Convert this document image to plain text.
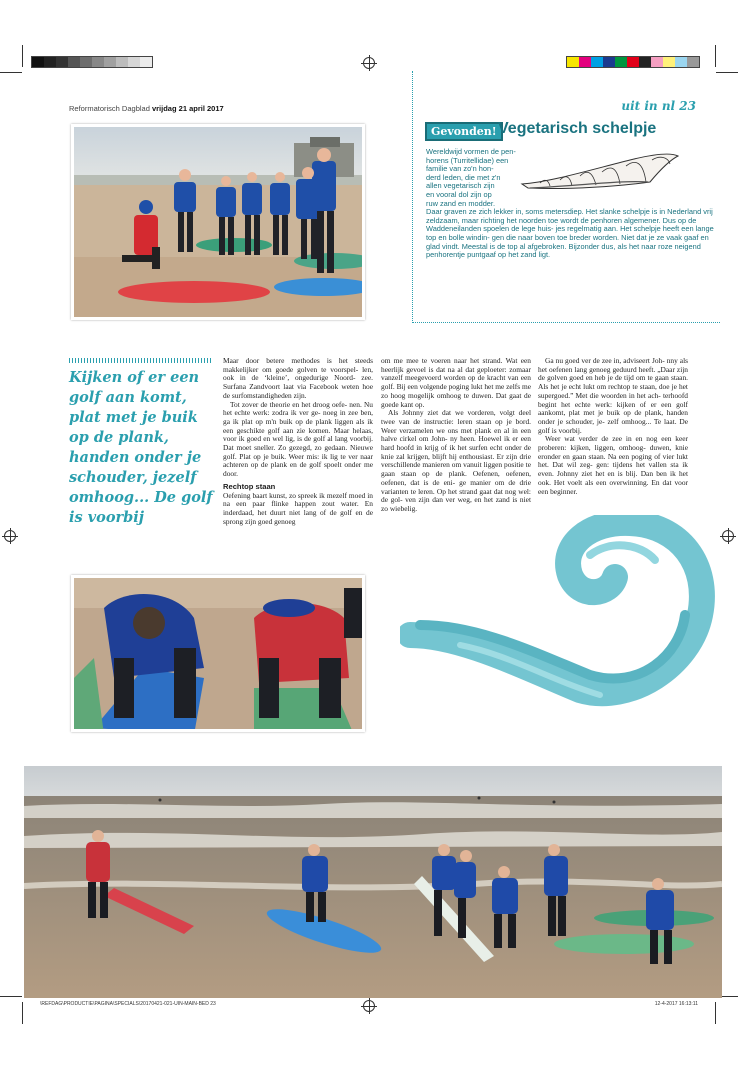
Reformatorisch Dagblad vrijdag 21 april 2017	uit in nl 23
Gevonden! Vegetarisch schelpje
Wereldwijd vormen de pen-
horens (Turritellidae) een
familie van zo'n hon-
derd leden, die met z'n
allen vegetarisch zijn
en vooral dol zijn op
ruw zand en modder.
Daar graven ze zich lekker in, soms metersdiep. Het slanke schelpje is in Nederland vrij zeldzaam, maar richting het noorden toe wordt de penhoren algemener. Dus op de Waddeneilanden spoelen de lege huis- jes regelmatig aan. Het schelpje heeft een lange top en bolle windin- gen die naar boven toe breder worden. Niet dat je ze vaak gaaf en glad vindt. Meestal is de top al afgebroken. Bijzonder dus, als het naar roze neigend penhorentje puntgaaf op het zand ligt.
Kijken of er een golf aan komt, plat met je buik op de plank, handen onder je schouder, jezelf omhoog... De golf is voorbij

Maar door betere methodes is het steeds makkelijker om goede golven te voorspel- len, ook in de ‘kleine’, ongedurige Noord- zee. Surfana Zandvoort laat via Facebook weten hoe de surfomstandigheden zijn.

Tot zover de theorie en het droog oefe- nen. Nu het echte werk: zodra ik ver ge- noeg in zee ben, ga ik plat op m'n buik op de plank liggen als ik een geschikte golf aan zie komen. Maar helaas, voor ik goed en wel lig, is de golf al lang voorbij. Dat moet sneller. Zo gezegd, zo gedaan. Nieuwe golf. Plat op je buik. Weer mis: ik lig te ver naar achteren op de plank en de golf spoelt onder me door.

Rechtop staan

Oefening baart kunst, zo spreek ik mezelf moed in na een paar flinke happen zout water. En inderdaad, het duurt niet lang of de golf en de sprong zijn goed genoeg

om me mee te voeren naar het strand. Wat een heerlijk gevoel is dat na al dat geploeter: zomaar vanzelf meegevoerd worden op de kracht van een golf. Bij een volgende poging lukt het me zelfs me zo hoog mogelijk omhoog te duwen. Dat gaat de goede kant op.

Als Johnny ziet dat we vorderen, volgt deel twee van de instructie: leren staan op je bord. Weer verzamelen we ons met plank en al in een halve cirkel om John- ny heen. Hoewel ik er een hard hoofd in krijg of ik het surfen echt onder de knie zal krijgen, blijft hij enthousiast. Er zijn drie verschillende manieren om vanuit liggen positie te gaan staan op de plank. Oefenen, oefenen, oefenen, dat is de eni- ge manier om de drie varianten te leren. Op het strand gaat dat nog wel: de gol- ven zijn dan ver weg, en het zand is niet zo wiebelig.

Ga nu goed ver de zee in, adviseert Joh- nny als het oefenen lang genoeg geduurd heeft. „Daar zijn de golven goed en heb je de tijd om te gaan staan. Als het je echt lukt om rechtop te staan, doe je het supergoed.” Met die woorden in het ach- terhoofd begint het echte werk: kijken of er een golf aankomt, plat met je buik op de plank, handen onder je schouder, je- zelf omhoog... Te laat. De golf is voorbij.

Weer wat verder de zee in en nog een keer proberen: kijken, liggen, omhoog- duwen, knie eronder en gaan staan. Na een poging of vier lukt het. Dat wil zeg- gen: tijdens het vallen sta ik even. Johnny ziet het en is blij. Dan ben ik het ook. Het voelt als een overwinning. En dat voor een beginner.

\REFDAG\PRODUCTIE\PAGINA\SPECIALS\20170421-021-UIN-MAIN-BED 23	12-4-2017 16:13:11
